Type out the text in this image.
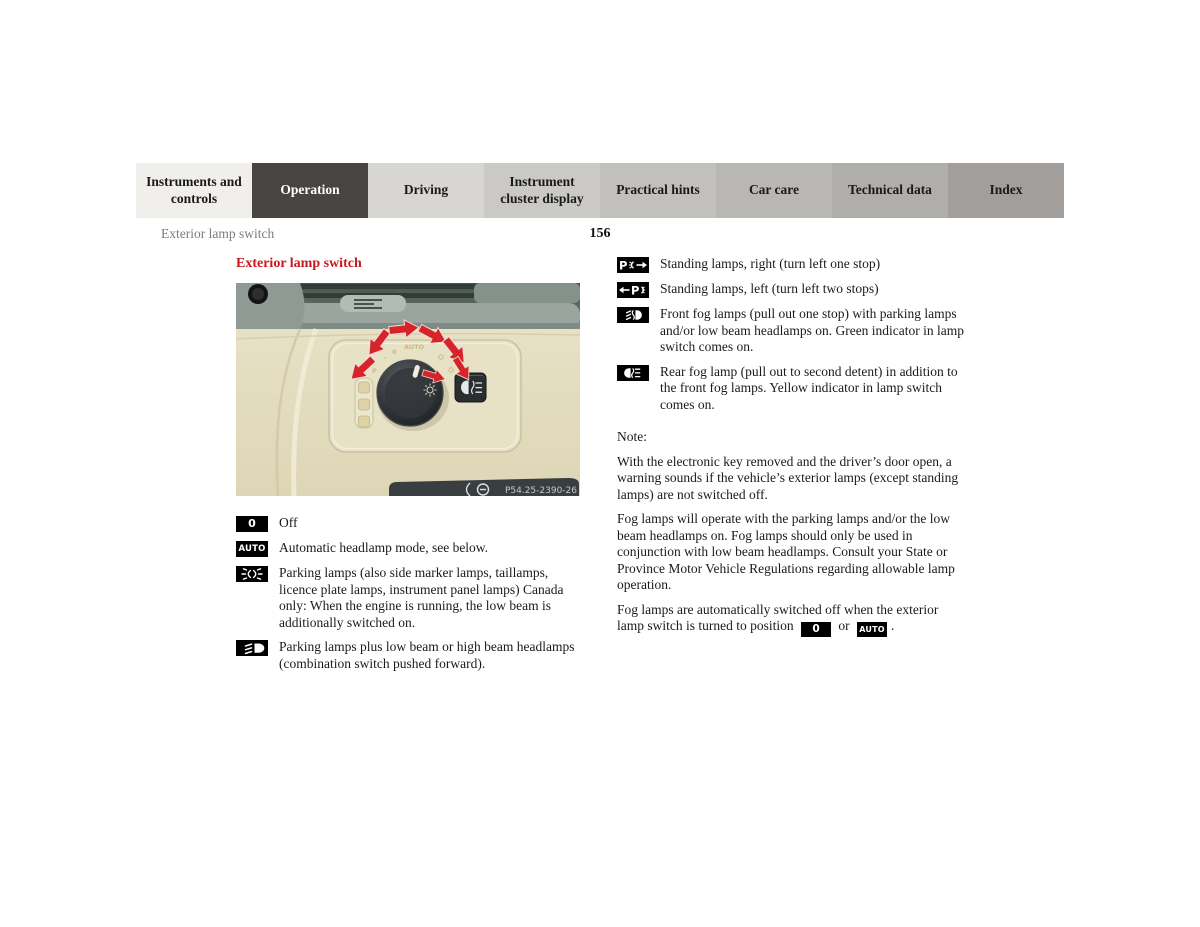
Instruments and controls
Operation	Driving
Instrument cluster display
Practical hints	Car care	Technical data	Index
Exterior lamp switch	156
Exterior lamp switch
P
-
0
AUTO
P54.25-2390-26
0	Off
AUTO Automatic headlamp mode, see below.
Parking lamps (also side marker lamps, taillamps, licence plate lamps, instrument panel lamps) Canada only: When the engine is running, the low beam is additionally switched on.
Parking lamps plus low beam or high beam headlamps (combination switch pushed forward).
P Standing lamps, right (turn left one stop)
P Standing lamps, left (turn left two stops)
Front fog lamps (pull out one stop) with parking lamps and/or low beam headlamps on. Green indicator in lamp switch comes on.
Rear fog lamp (pull out to second detent) in addition to the front fog lamps. Yellow indicator in lamp switch comes on.

Note:

With the electronic key removed and the driver’s door open, a warning sounds if the vehicle’s exterior lamps (except standing lamps) are not switched off.

Fog lamps will operate with the parking lamps and/or the low beam headlamps on. Fog lamps should only be used in conjunction with low beam headlamps. Consult your State or Province Motor Vehicle Regulations regarding allowable lamp operation.

Fog lamps are automatically switched off when the exterior lamp switch is turned to position 0 or AUTO .
